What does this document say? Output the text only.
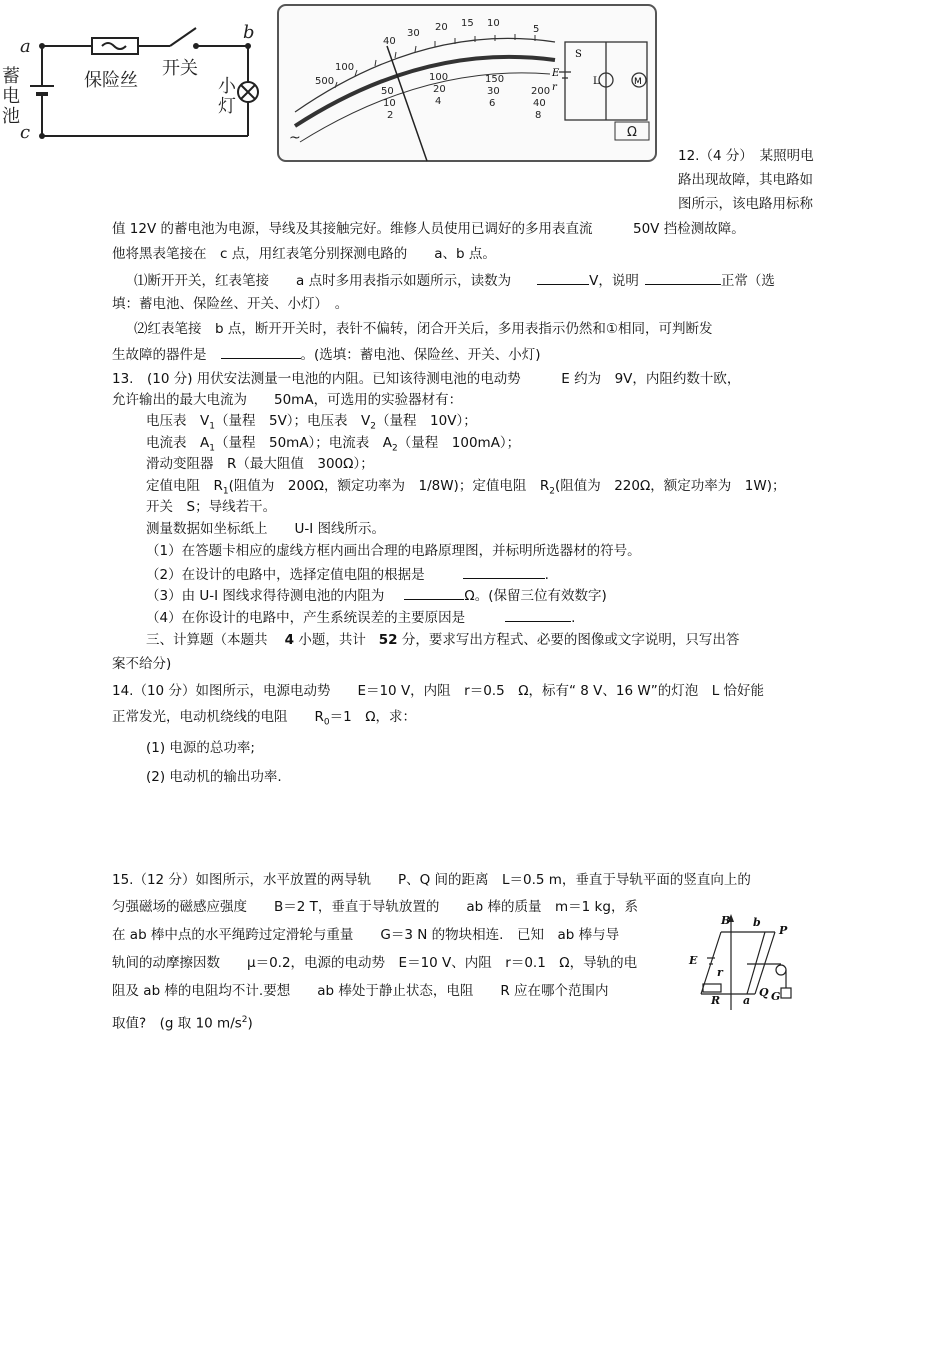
a
b
c
蓄
电
池
保险丝
开关
小
灯
M
L
S
E
r
40
30
20 15 10
5
500
100
50
10
2
100
20
4
150
30
6
200
40
8
Ω
~
12.（4 分）　某照明电
路出现故障，其电路如
图所示，该电路用标称
值 12V 的蓄电池为电源，导线及其接触完好。维修人员使用已调好的多用表直流　　　50V 挡检测故障。
他将黑表笔接在　c 点，用红表笔分别探测电路的　　a、b 点。
⑴断开开关，红表笔接　　a 点时多用表指示如题所示，读数为	V，说明	正常（选
填：蓄电池、保险丝、开关、小灯）　。
⑵红表笔接　b 点，断开开关时，表针不偏转，闭合开关后，多用表指示仍然和①相同，可判断发
生故障的器件是	。(选填：蓄电池、保险丝、开关、小灯)
13.　(10 分) 用伏安法测量一电池的内阻。已知该待测电池的电动势　　　E 约为　9V，内阻约数十欧，
允许输出的最大电流为　　50mA，可选用的实验器材有：
电压表　$V_1$（量程　5V）；电压表　$V_2$（量程　10V）；
电流表　$A_1$（量程　50mA）；电流表　$A_2$（量程　100mA）；
滑动变阻器　R（最大阻值　300Ω）；
定值电阻　$R_1$(阻值为　200Ω，额定功率为　1/8W)；定值电阻　$R_2$(阻值为　220Ω，额定功率为　1W)；
开关　S；导线若干。
测量数据如坐标纸上　　U-I 图线所示。
（1）在答题卡相应的虚线方框内画出合理的电路原理图，并标明所选器材的符号。
（2）在设计的电路中，选择定值电阻的根据是	.
（3）由 U-I 图线求得待测电池的内阻为	Ω。(保留三位有效数字)
（4）在你设计的电路中，产生系统误差的主要原因是	.
三、计算题（本题共 4 小题，共计 52 分，要求写出方程式、必要的图像或文字说明，只写出答
案不给分)
14.（10 分）如图所示，电源电动势　　E＝10 V，内阻　r＝0.5　Ω，标有“ 8 V、16 W”的灯泡　L 恰好能
正常发光，电动机绕线的电阻　　$R_0=1$　Ω，求：
(1) 电源的总功率;
(2) 电动机的输出功率.
15.（12 分）如图所示，水平放置的两导轨　　P、Q 间的距离　L＝0.5 m，垂直于导轨平面的竖直向上的
匀强磁场的磁感应强度　　B＝2 T，垂直于导轨放置的　　ab 棒的质量　m＝1 kg，系
在 ab 棒中点的水平绳跨过定滑轮与重量　　G＝3 N 的物块相连.　已知　ab 棒与导
轨间的动摩擦因数　　μ＝0.2，电源的电动势　E＝10 V、内阻　r＝0.1　Ω，导轨的电
阻及 ab 棒的电阻均不计.要想　　ab 棒处于静止状态，电阻　　R 应在哪个范围内
取值?　(g 取 10 $m/s^2$)
B b
P
E
r
R a
Q G
